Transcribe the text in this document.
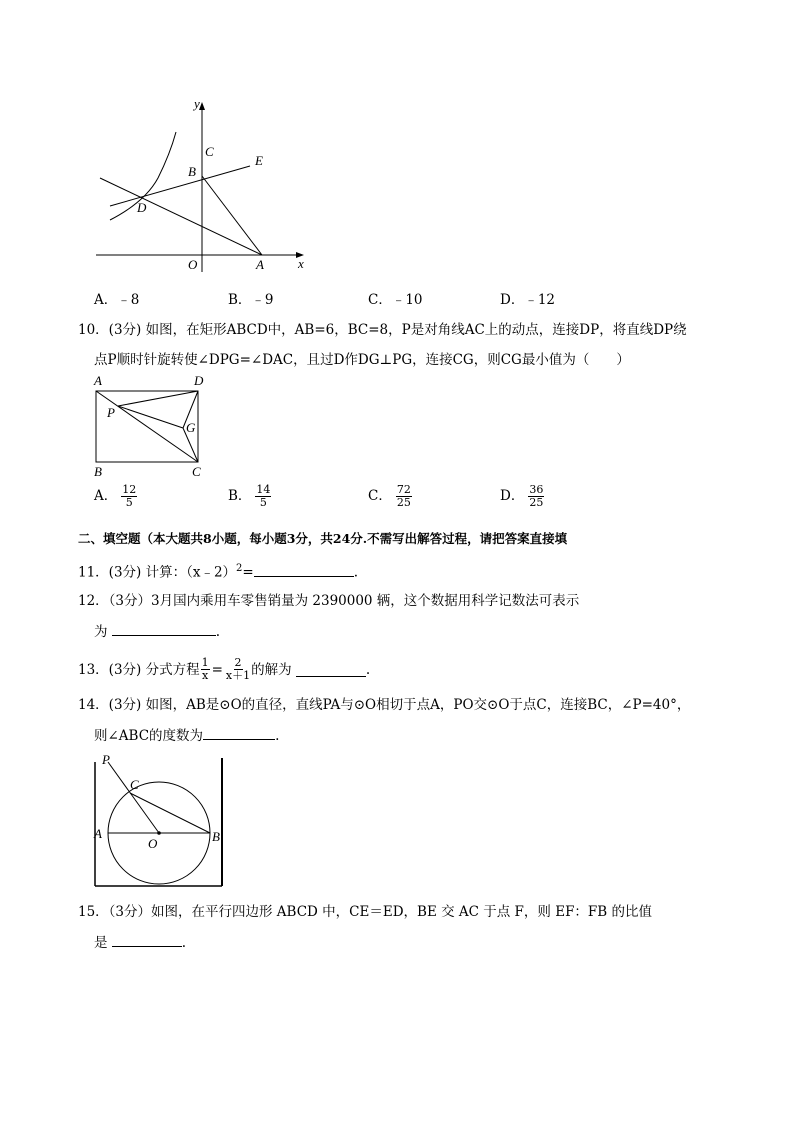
y
x
C
B
E
D
O	A
A．﹣8	B．﹣9	C．﹣10	D．﹣12
10．(3分) 如图，在矩形ABCD中，AB=6，BC=8，P是对角线AC上的动点，连接DP，将直线DP绕
点P顺时针旋转使∠DPG=∠DAC，且过D作DG⊥PG，连接CG，则CG最小值为（　　）
A	D
P
G
B	C
A． $\frac{12}{5}$	B． $\frac{14}{5}$	C． $\frac{72}{25}$	D． $\frac{36}{25}$
二、填空题（本大题共8小题，每小题3分，共24分.不需写出解答过程，请把答案直接填
11．(3分) 计算：（x﹣2）$^2$=	.
12．（3分）3月国内乘用车零售销量为 2390000 辆，这个数据用科学记数法可表示
为	.
13．(3分) 分式方程 $\frac{1}{x} = \frac{2}{x+1}$ 的解为
	.
14．(3分) 如图，AB是⊙O的直径，直线PA与⊙O相切于点A，PO交⊙O于点C，连接BC，∠P=40°，
则∠ABC的度数为	.
P
C
A
O	B
15．（3分）如图，在平行四边形 ABCD 中，CE＝ED，BE 交 AC 于点 F，则 EF：FB 的比值
是	.
